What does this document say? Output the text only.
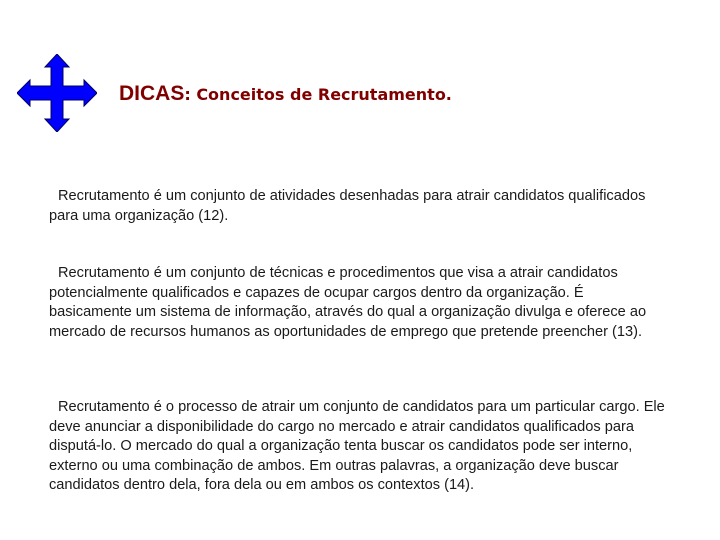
DICAS: Conceitos de Recrutamento.
Recrutamento é um conjunto de atividades desenhadas para atrair candidatos qualificados para uma organização (12).
Recrutamento é um conjunto de técnicas e procedimentos que visa a atrair candidatos potencialmente qualificados e capazes de ocupar cargos dentro da organização. É basicamente um sistema de informação, através do qual a organização divulga e oferece ao mercado de recursos humanos as oportunidades de emprego que pretende preencher (13).
Recrutamento é o processo de atrair um conjunto de candidatos para um particular cargo. Ele deve anunciar a disponibilidade do cargo no mercado e atrair candidatos qualificados para disputá-lo. O mercado do qual a organização tenta buscar os candidatos pode ser interno, externo ou uma combinação de ambos. Em outras palavras, a organização deve buscar candidatos dentro dela, fora dela ou em ambos os contextos (14).
